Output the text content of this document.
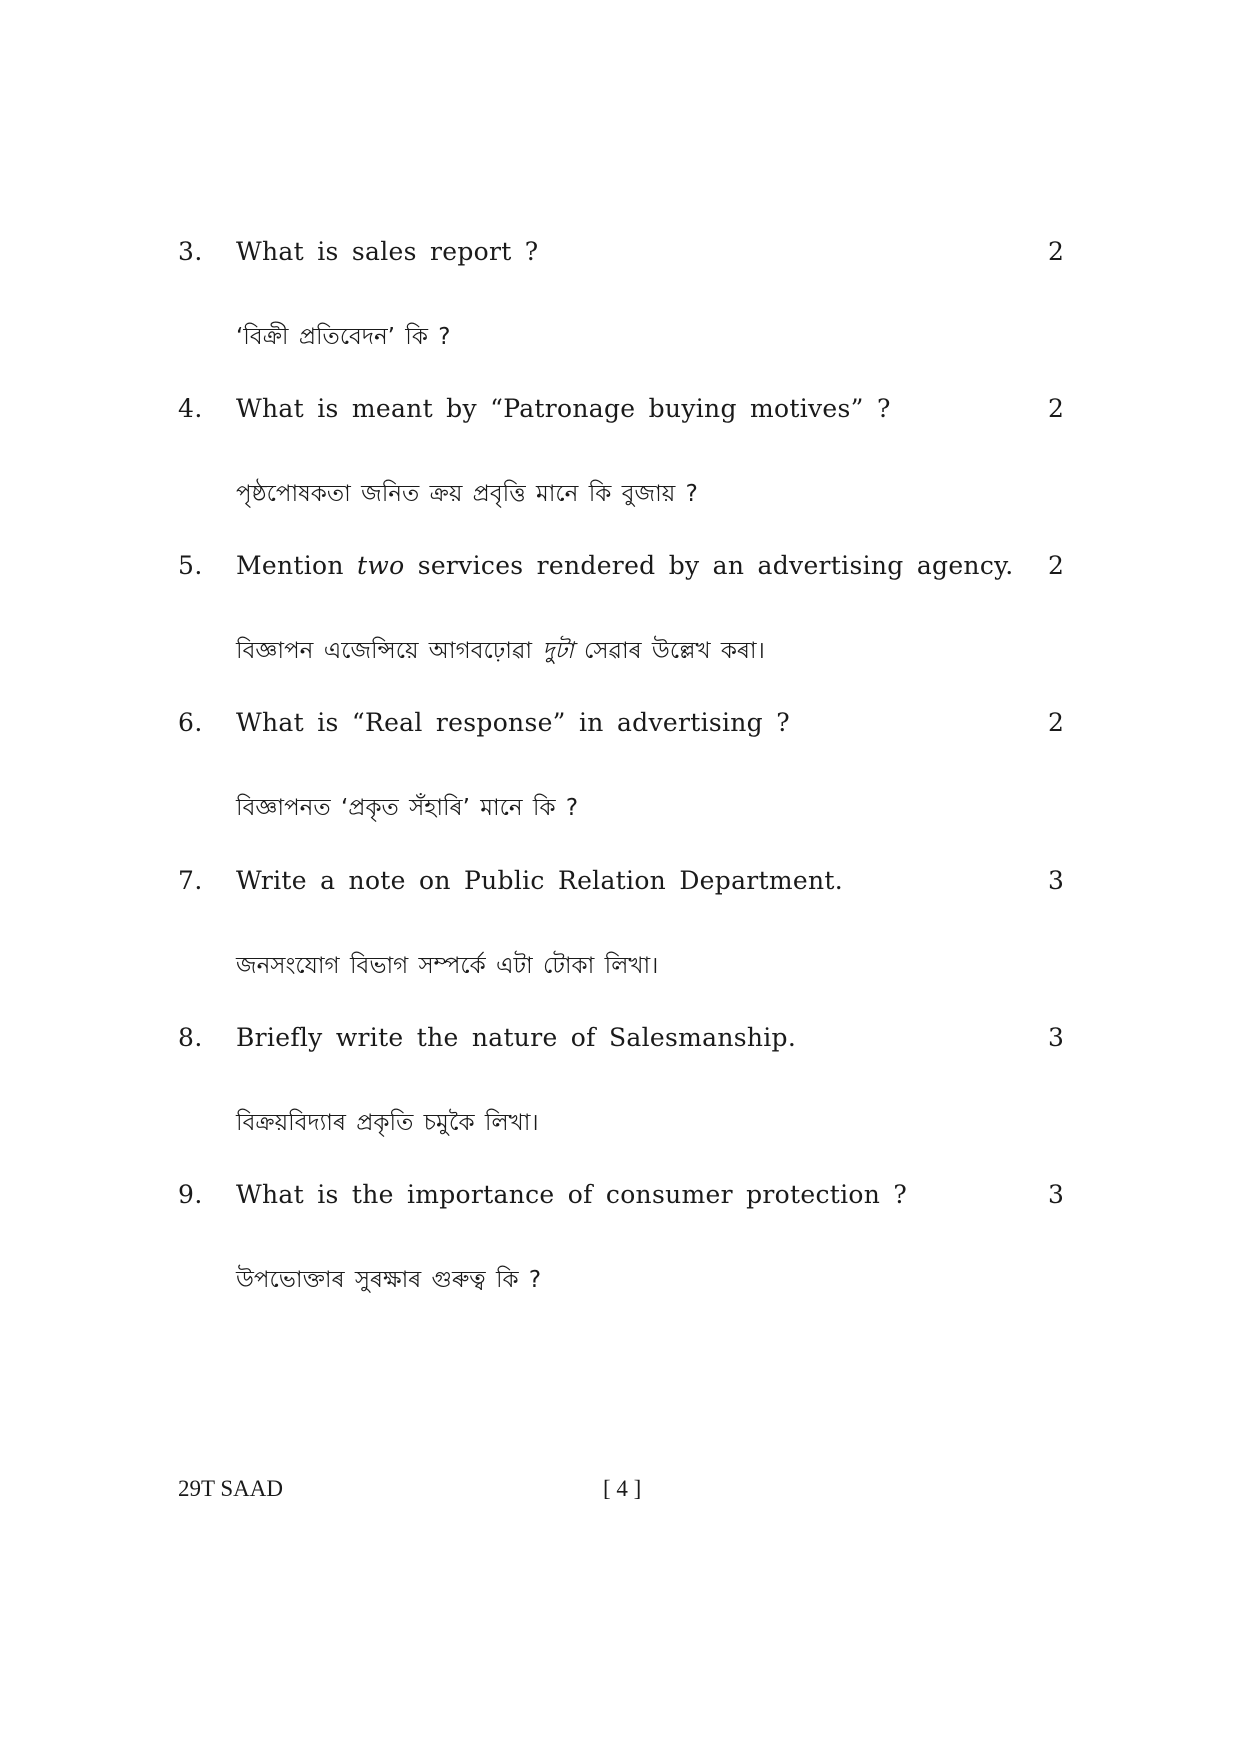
3. What is sales report ?	2
‘বিক্ৰী প্ৰতিবেদন’ কি ?
4. What is meant by “Patronage buying motives” ?	2
পৃষ্ঠপোষকতা জনিত ক্ৰয় প্ৰবৃত্তি মানে কি বুজায় ?
5. Mention two services rendered by an advertising agency. 2
বিজ্ঞাপন এজেন্সিয়ে আগবঢ়োৱা দুটা সেৱাৰ উল্লেখ কৰা।
6. What is “Real response” in advertising ?	2
বিজ্ঞাপনত ‘প্ৰকৃত সঁহাৰি’ মানে কি ?
7. Write a note on Public Relation Department.	3
জনসংযোগ বিভাগ সম্পৰ্কে এটা টোকা লিখা।
8. Briefly write the nature of Salesmanship.	3
বিক্ৰয়বিদ্যাৰ প্ৰকৃতি চমুকৈ লিখা।
9. What is the importance of consumer protection ?	3
উপভোক্তাৰ সুৰক্ষাৰ গুৰুত্ব কি ?
29T SAAD	[ 4 ]
